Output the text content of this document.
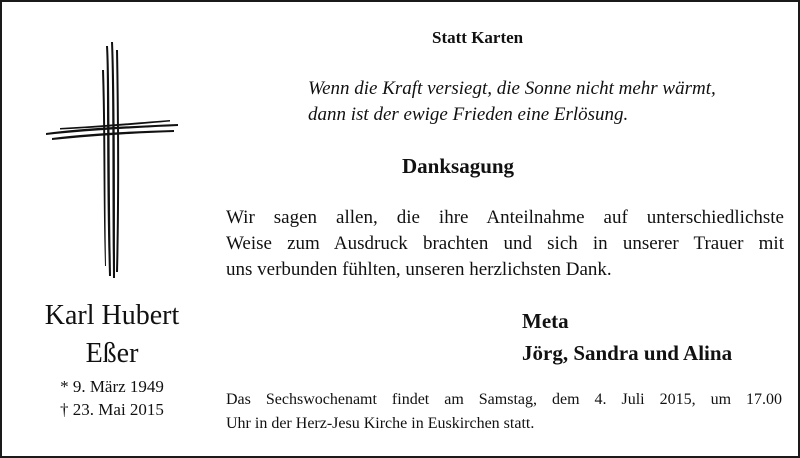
Karl Hubert
Eßer

* 9. März 1949

† 23. Mai 2015

Statt Karten

Wenn die Kraft versiegt, die Sonne nicht mehr wärmt,
dann ist der ewige Frieden eine Erlösung.

Danksagung

Wir sagen allen, die ihre Anteilnahme auf unterschiedlichste
Weise zum Ausdruck brachten und sich in unserer Trauer mit
uns verbunden fühlten, unseren herzlichsten Dank.

Meta

Jörg, Sandra und Alina

Das Sechswochenamt findet am Samstag, dem 4. Juli 2015, um 17.00
Uhr in der Herz-Jesu Kirche in Euskirchen statt.
